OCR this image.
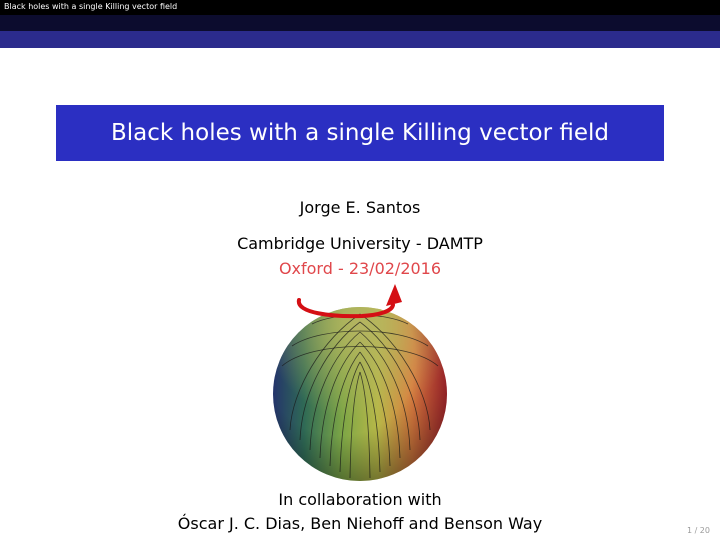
Black holes with a single Killing vector field
Black holes with a single Killing vector field
Jorge E. Santos
Cambridge University - DAMTP
Oxford - 23/02/2016
In collaboration with
Óscar J. C. Dias, Ben Niehoff and Benson Way	1 / 20
